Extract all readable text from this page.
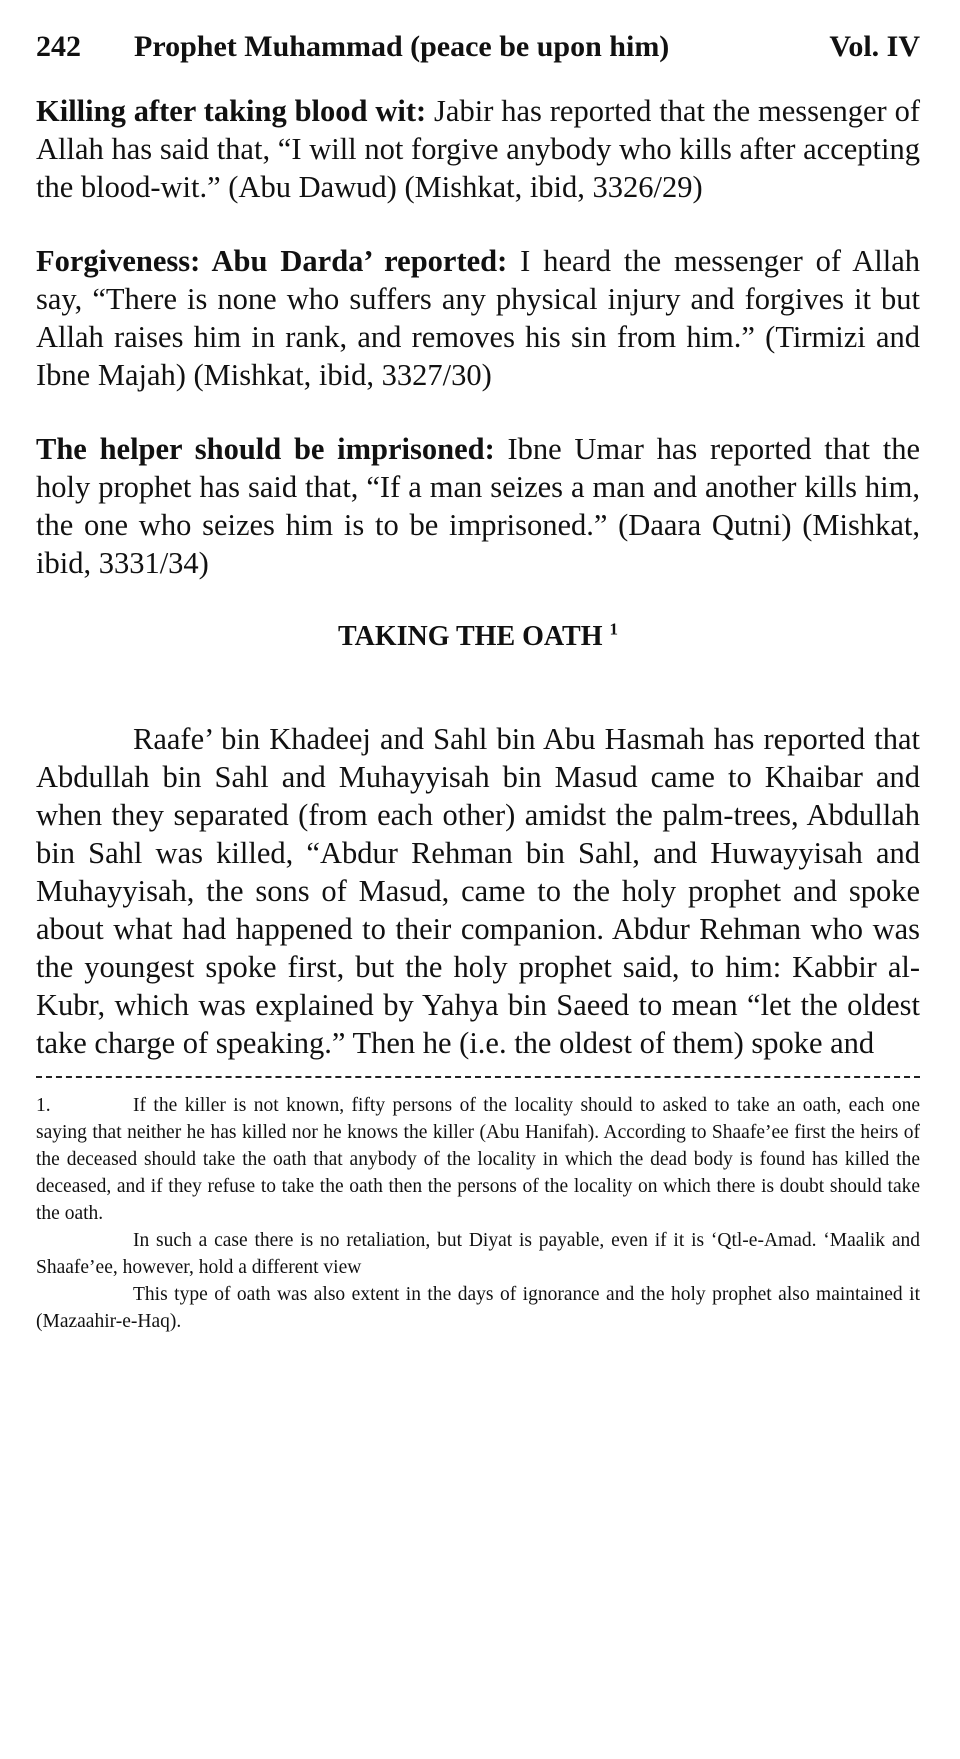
242	Prophet Muhammad (peace be upon him)	Vol. IV

Killing after taking blood wit: Jabir has reported that the messenger of Allah has said that, “I will not forgive anybody who kills after accepting the blood-wit.” (Abu Dawud) (Mishkat, ibid, 3326/29)

Forgiveness: Abu Darda’ reported: I heard the messenger of Allah say, “There is none who suffers any physical injury and forgives it but Allah raises him in rank, and removes his sin from him.” (Tirmizi and Ibne Majah) (Mishkat, ibid, 3327/30)

The helper should be imprisoned: Ibne Umar has reported that the holy prophet has said that, “If a man seizes a man and another kills him, the one who seizes him is to be imprisoned.” (Daara Qutni) (Mishkat, ibid, 3331/34)

TAKING THE OATH $^1$

Raafe’ bin Khadeej and Sahl bin Abu Hasmah has reported that Abdullah bin Sahl and Muhayyisah bin Masud came to Khaibar and when they separated (from each other) amidst the palm-trees, Abdullah bin Sahl was killed, “Abdur Rehman bin Sahl, and Huwayyisah and Muhayyisah, the sons of Masud, came to the holy prophet and spoke about what had happened to their companion. Abdur Rehman who was the youngest spoke first, but the holy prophet said, to him: Kabbir al-Kubr, which was explained by Yahya bin Saeed to mean “let the oldest take charge of speaking.” Then he (i.e. the oldest of them) spoke and

1.	If the killer is not known, fifty persons of the locality should to asked to take an oath, each one saying that neither he has killed nor he knows the killer (Abu Hanifah). According to Shaafe’ee first the heirs of the deceased should take the oath that anybody of the locality in which the dead body is found has killed the deceased, and if they refuse to take the oath then the persons of the locality on which there is doubt should take the oath.

In such a case there is no retaliation, but Diyat is payable, even if it is ‘Qtl-e-Amad. ‘Maalik and Shaafe’ee, however, hold a different view

This type of oath was also extent in the days of ignorance and the holy prophet also maintained it (Mazaahir-e-Haq).
